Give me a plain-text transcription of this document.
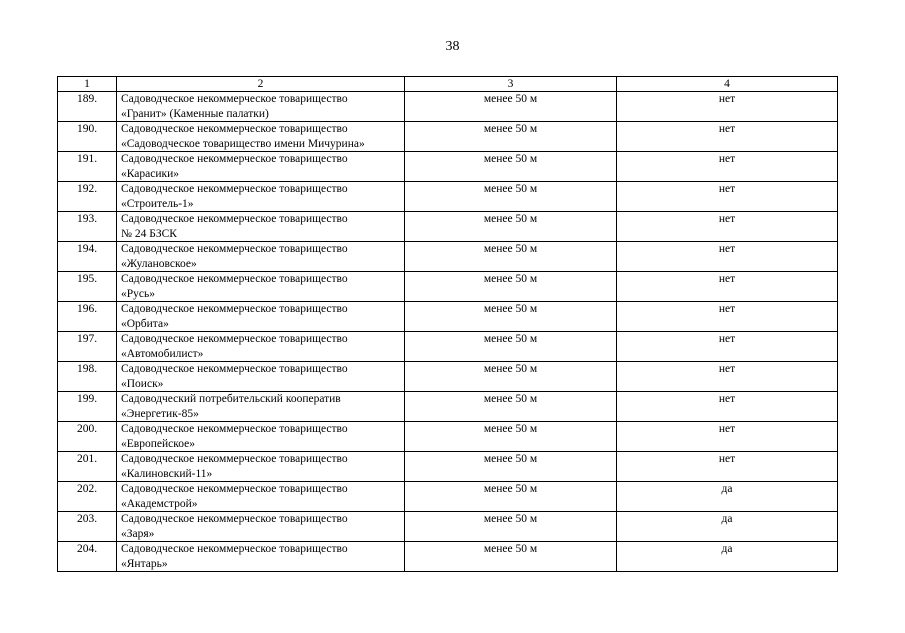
38
1	2	3	4
189.	Садоводческое некоммерческое товарищество
«Гранит» (Каменные палатки)	менее 50 м	нет
190.	Садоводческое некоммерческое товарищество
«Садоводческое товарищество имени Мичурина»	менее 50 м	нет
191.	Садоводческое некоммерческое товарищество
«Карасики»	менее 50 м	нет
192.	Садоводческое некоммерческое товарищество
«Строитель-1»	менее 50 м	нет
193.	Садоводческое некоммерческое товарищество
№ 24 БЗСК	менее 50 м	нет
194.	Садоводческое некоммерческое товарищество
«Жулановское»	менее 50 м	нет
195.	Садоводческое некоммерческое товарищество
«Русь»	менее 50 м	нет
196.	Садоводческое некоммерческое товарищество
«Орбита»	менее 50 м	нет
197.	Садоводческое некоммерческое товарищество
«Автомобилист»	менее 50 м	нет
198.	Садоводческое некоммерческое товарищество
«Поиск»	менее 50 м	нет
199.	Садоводческий потребительский кооператив
«Энергетик-85»	менее 50 м	нет
200.	Садоводческое некоммерческое товарищество
«Европейское»	менее 50 м	нет
201.	Садоводческое некоммерческое товарищество
«Калиновский-11»	менее 50 м	нет
202.	Садоводческое некоммерческое товарищество
«Академстрой»	менее 50 м	да
203.	Садоводческое некоммерческое товарищество
«Заря»	менее 50 м	да
204.	Садоводческое некоммерческое товарищество
«Янтарь»	менее 50 м	да
